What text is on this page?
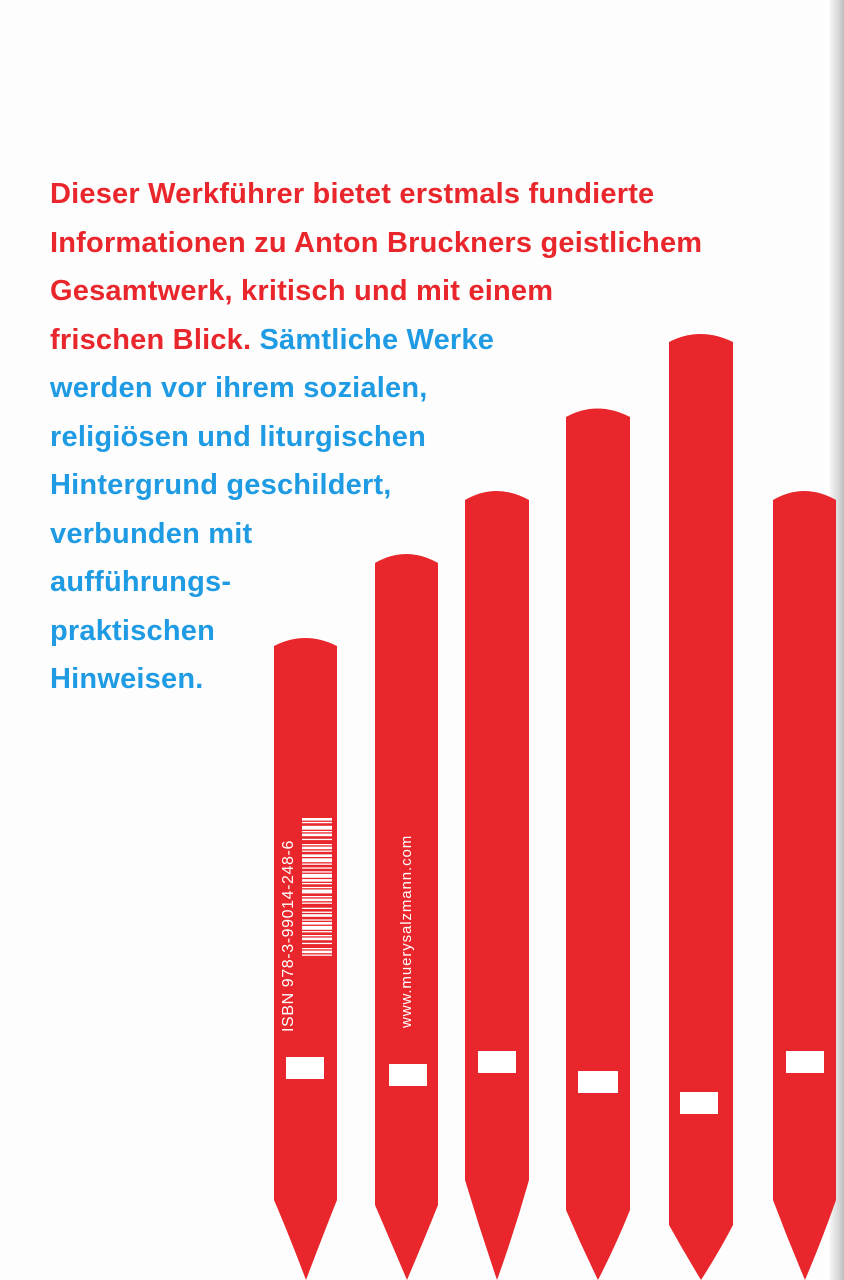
Dieser Werkführer bietet erstmals fundierte
Informationen zu Anton Bruckners geistlichem
Gesamtwerk, kritisch und mit einem
frischen Blick. Sämtliche Werke
werden vor ihrem sozialen,
religiösen und liturgischen
Hintergrund geschildert,
verbunden mit
aufführungs-
praktischen
Hinweisen.
ISBN 978-3-99014-248-6	www.muerysalzmann.com
